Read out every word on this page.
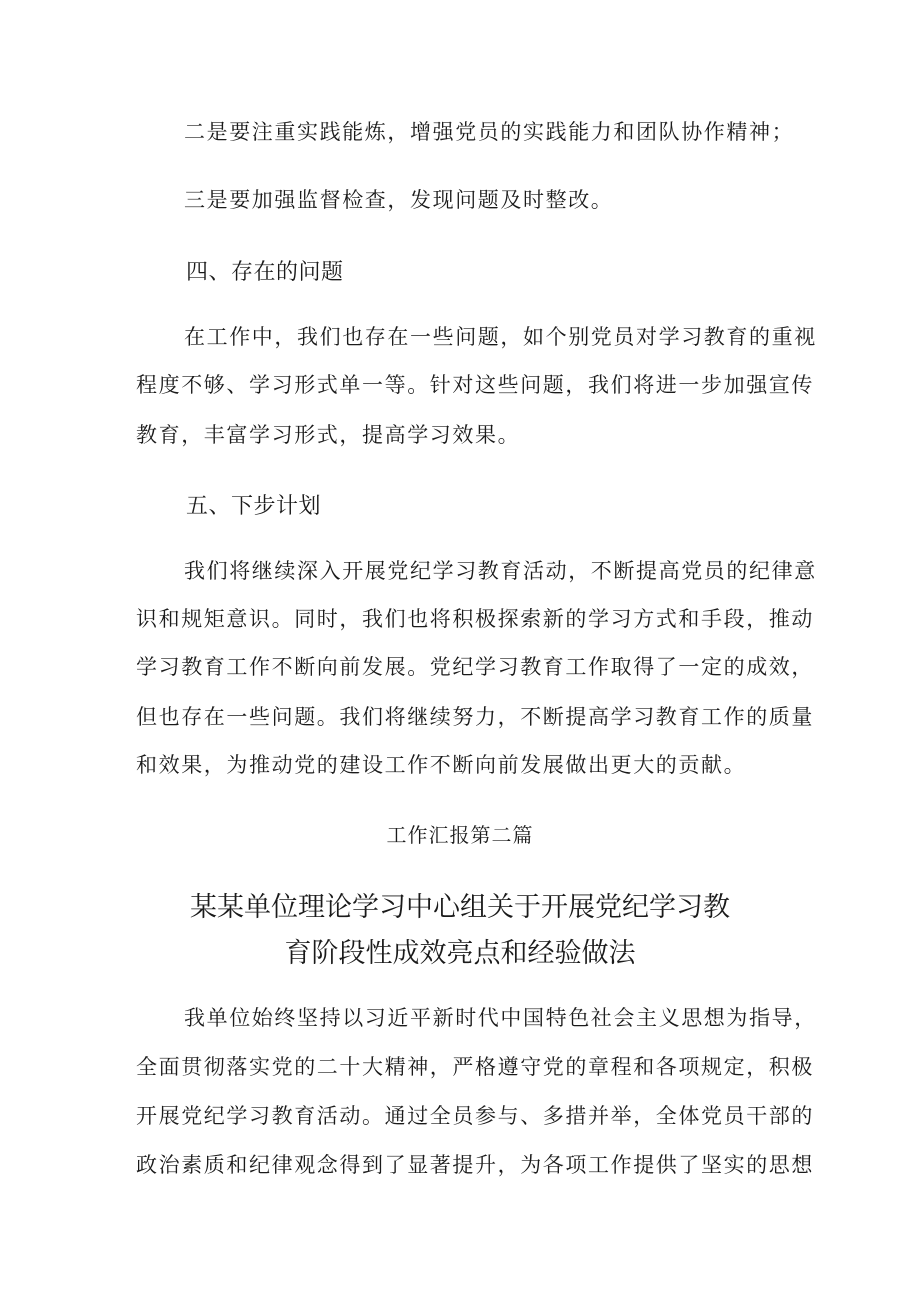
二是要注重实践能炼，增强党员的实践能力和团队协作精神；
三是要加强监督检查，发现问题及时整改。
四、存在的问题
在工作中，我们也存在一些问题，如个别党员对学习教育的重视
程度不够、学习形式单一等。针对这些问题，我们将进一步加强宣传
教育，丰富学习形式，提高学习效果。
五、下步计划
我们将继续深入开展党纪学习教育活动，不断提高党员的纪律意
识和规矩意识。同时，我们也将积极探索新的学习方式和手段，推动
学习教育工作不断向前发展。党纪学习教育工作取得了一定的成效，
但也存在一些问题。我们将继续努力，不断提高学习教育工作的质量
和效果，为推动党的建设工作不断向前发展做出更大的贡献。
工作汇报第二篇
某某单位理论学习中心组关于开展党纪学习教
育阶段性成效亮点和经验做法
我单位始终坚持以习近平新时代中国特色社会主义思想为指导，
全面贯彻落实党的二十大精神，严格遵守党的章程和各项规定，积极
开展党纪学习教育活动。通过全员参与、多措并举，全体党员干部的
政治素质和纪律观念得到了显著提升，为各项工作提供了坚实的思想
